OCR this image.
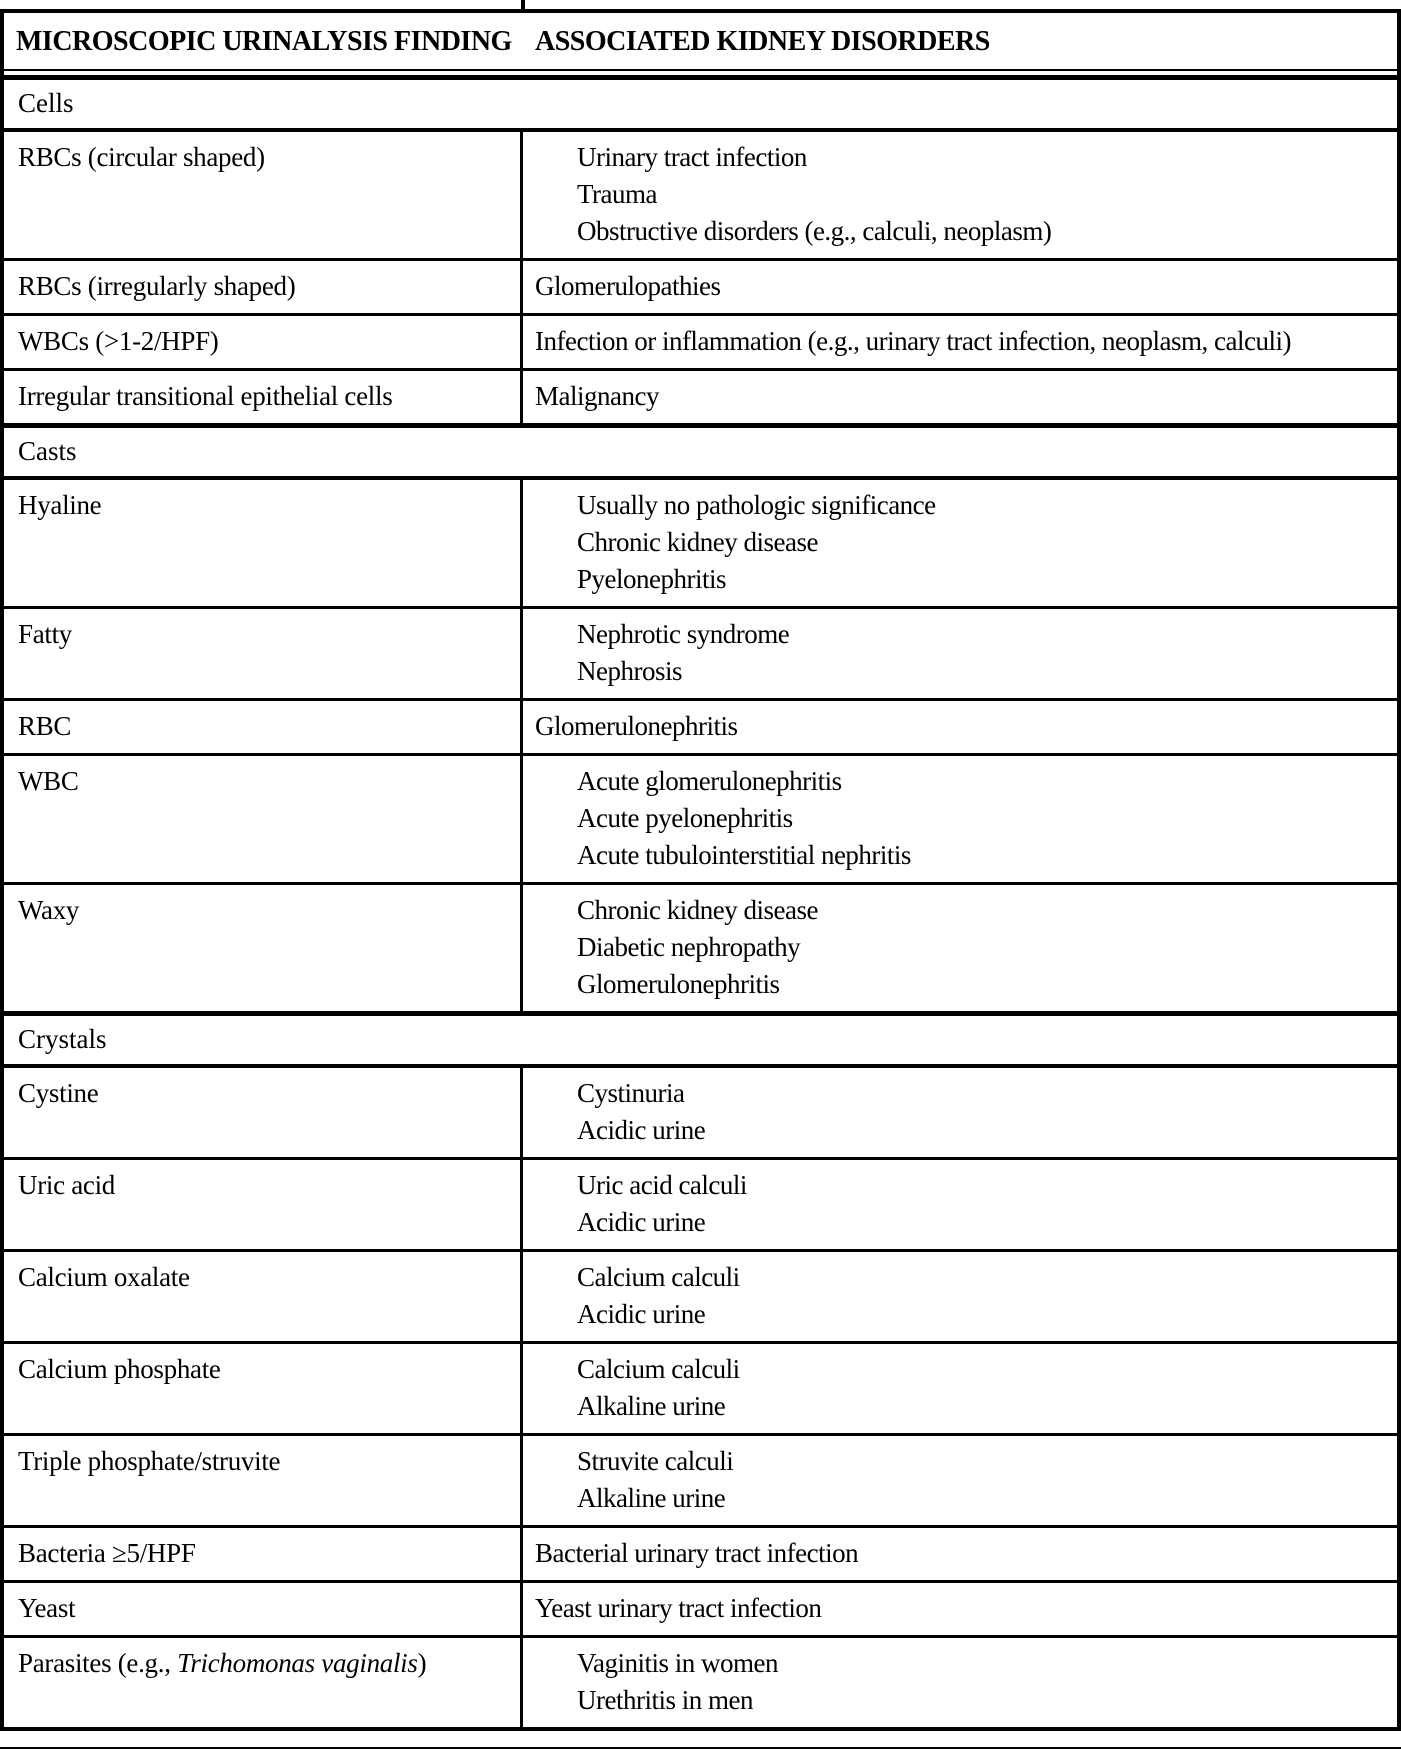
MICROSCOPIC URINALYSIS FINDING ASSOCIATED KIDNEY DISORDERS
Cells
RBCs (circular shaped)	Urinary tract infection
Trauma
Obstructive disorders (e.g., calculi, neoplasm)
RBCs (irregularly shaped)	Glomerulopathies
WBCs (>1-2/HPF)	Infection or inflammation (e.g., urinary tract infection, neoplasm, calculi)
Irregular transitional epithelial cells	Malignancy
Casts
Hyaline	Usually no pathologic significance
Chronic kidney disease
Pyelonephritis
Fatty	Nephrotic syndrome
Nephrosis
RBC	Glomerulonephritis
WBC	Acute glomerulonephritis
Acute pyelonephritis
Acute tubulointerstitial nephritis
Waxy	Chronic kidney disease
Diabetic nephropathy
Glomerulonephritis
Crystals
Cystine	Cystinuria
Acidic urine
Uric acid	Uric acid calculi
Acidic urine
Calcium oxalate	Calcium calculi
Acidic urine
Calcium phosphate	Calcium calculi
Alkaline urine
Triple phosphate/struvite	Struvite calculi
Alkaline urine
Bacteria ≥5/HPF	Bacterial urinary tract infection
Yeast	Yeast urinary tract infection
Parasites (e.g., Trichomonas vaginalis)	Vaginitis in women
Urethritis in men
